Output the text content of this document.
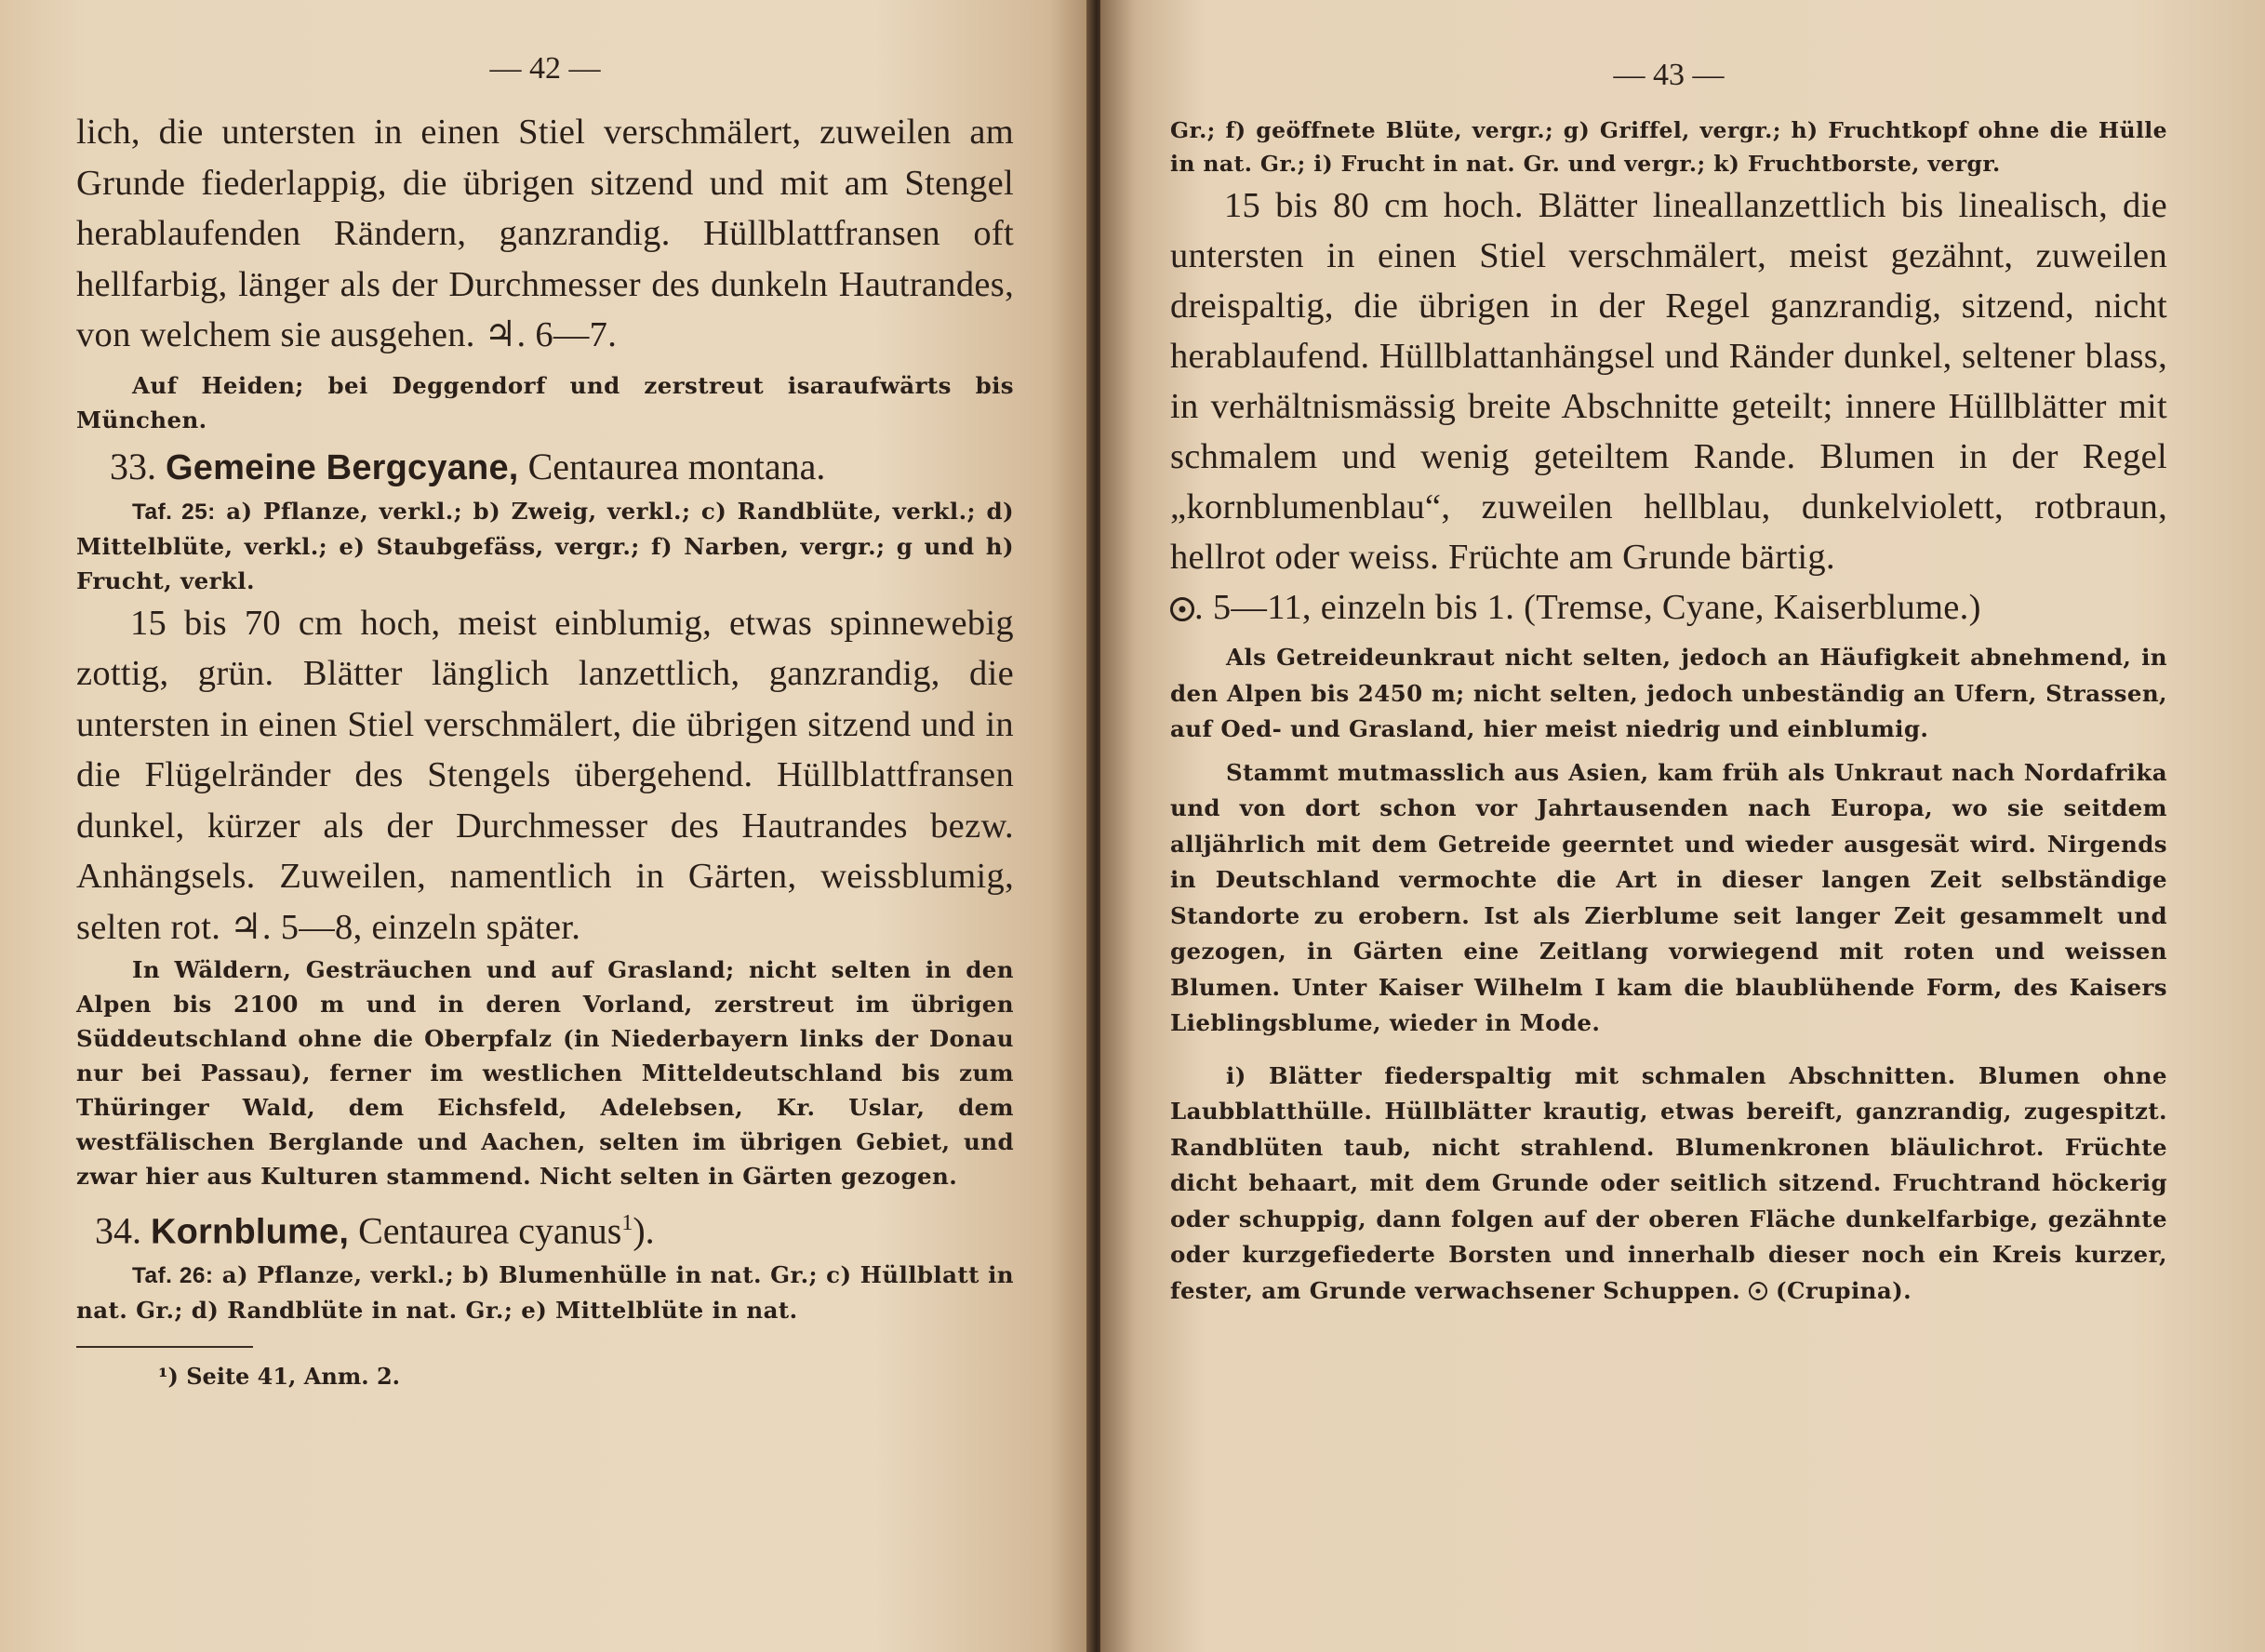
— 42 —

lich, die untersten in einen Stiel verschmälert, zuweilen am Grunde fiederlappig, die übrigen sitzend und mit am Stengel herablaufenden Rändern, ganzrandig. Hüllblattfransen oft hellfarbig, länger als der Durchmesser des dunkeln Hautrandes, von welchem sie ausgehen. ♃. 6—7.

Auf Heiden; bei Deggendorf und zerstreut isaraufwärts bis München.

33. Gemeine Bergcyane, Centaurea montana.

Taf. 25: a) Pflanze, verkl.; b) Zweig, verkl.; c) Randblüte, verkl.; d) Mittelblüte, verkl.; e) Staubgefäss, vergr.; f) Narben, vergr.; g und h) Frucht, verkl.

15 bis 70 cm hoch, meist einblumig, etwas spinnewebig zottig, grün. Blätter länglich lanzettlich, ganzrandig, die untersten in einen Stiel verschmälert, die übrigen sitzend und in die Flügelränder des Stengels übergehend. Hüllblattfransen dunkel, kürzer als der Durchmesser des Hautrandes bezw. Anhängsels. Zuweilen, namentlich in Gärten, weissblumig, selten rot. ♃. 5—8, einzeln später.

In Wäldern, Gesträuchen und auf Grasland; nicht selten in den Alpen bis 2100 m und in deren Vorland, zerstreut im übrigen Süddeutschland ohne die Oberpfalz (in Niederbayern links der Donau nur bei Passau), ferner im westlichen Mitteldeutschland bis zum Thüringer Wald, dem Eichsfeld, Adelebsen, Kr. Uslar, dem westfälischen Berglande und Aachen, selten im übrigen Gebiet, und zwar hier aus Kulturen stammend. Nicht selten in Gärten gezogen.

34. Kornblume, Centaurea cyanus$^1$).

Taf. 26: a) Pflanze, verkl.; b) Blumenhülle in nat. Gr.; c) Hüllblatt in nat. Gr.; d) Randblüte in nat. Gr.; e) Mittelblüte in nat.

¹) Seite 41, Anm. 2.
— 43 —

Gr.; f) geöffnete Blüte, vergr.; g) Griffel, vergr.; h) Fruchtkopf ohne die Hülle in nat. Gr.; i) Frucht in nat. Gr. und vergr.; k) Fruchtborste, vergr.

15 bis 80 cm hoch. Blätter lineallanzettlich bis linealisch, die untersten in einen Stiel verschmälert, meist gezähnt, zuweilen dreispaltig, die übrigen in der Regel ganzrandig, sitzend, nicht herablaufend. Hüllblattanhängsel und Ränder dunkel, seltener blass, in verhältnismässig breite Abschnitte geteilt; innere Hüllblätter mit schmalem und wenig geteiltem Rande. Blumen in der Regel „kornblumenblau“, zuweilen hellblau, dunkelviolett, rotbraun, hellrot oder weiss. Früchte am Grunde bärtig.

. 5—11, einzeln bis 1. (Tremse, Cyane, Kaiserblume.)

Als Getreideunkraut nicht selten, jedoch an Häufigkeit abnehmend, in den Alpen bis 2450 m; nicht selten, jedoch unbeständig an Ufern, Strassen, auf Oed- und Grasland, hier meist niedrig und einblumig.

Stammt mutmasslich aus Asien, kam früh als Unkraut nach Nordafrika und von dort schon vor Jahrtausenden nach Europa, wo sie seitdem alljährlich mit dem Getreide geerntet und wieder ausgesät wird. Nirgends in Deutschland vermochte die Art in dieser langen Zeit selbständige Standorte zu erobern. Ist als Zierblume seit langer Zeit gesammelt und gezogen, in Gärten eine Zeitlang vorwiegend mit roten und weissen Blumen. Unter Kaiser Wilhelm I kam die blaublühende Form, des Kaisers Lieblingsblume, wieder in Mode.

i) Blätter fiederspaltig mit schmalen Abschnitten. Blumen ohne Laubblatthülle. Hüllblätter krautig, etwas bereift, ganzrandig, zugespitzt. Randblüten taub, nicht strahlend. Blumenkronen bläulichrot. Früchte dicht behaart, mit dem Grunde oder seitlich sitzend. Fruchtrand höckerig oder schuppig, dann folgen auf der oberen Fläche dunkelfarbige, gezähnte oder kurzgefiederte Borsten und innerhalb dieser noch ein Kreis kurzer, fester, am Grunde verwachsener Schuppen. (Crupina).
